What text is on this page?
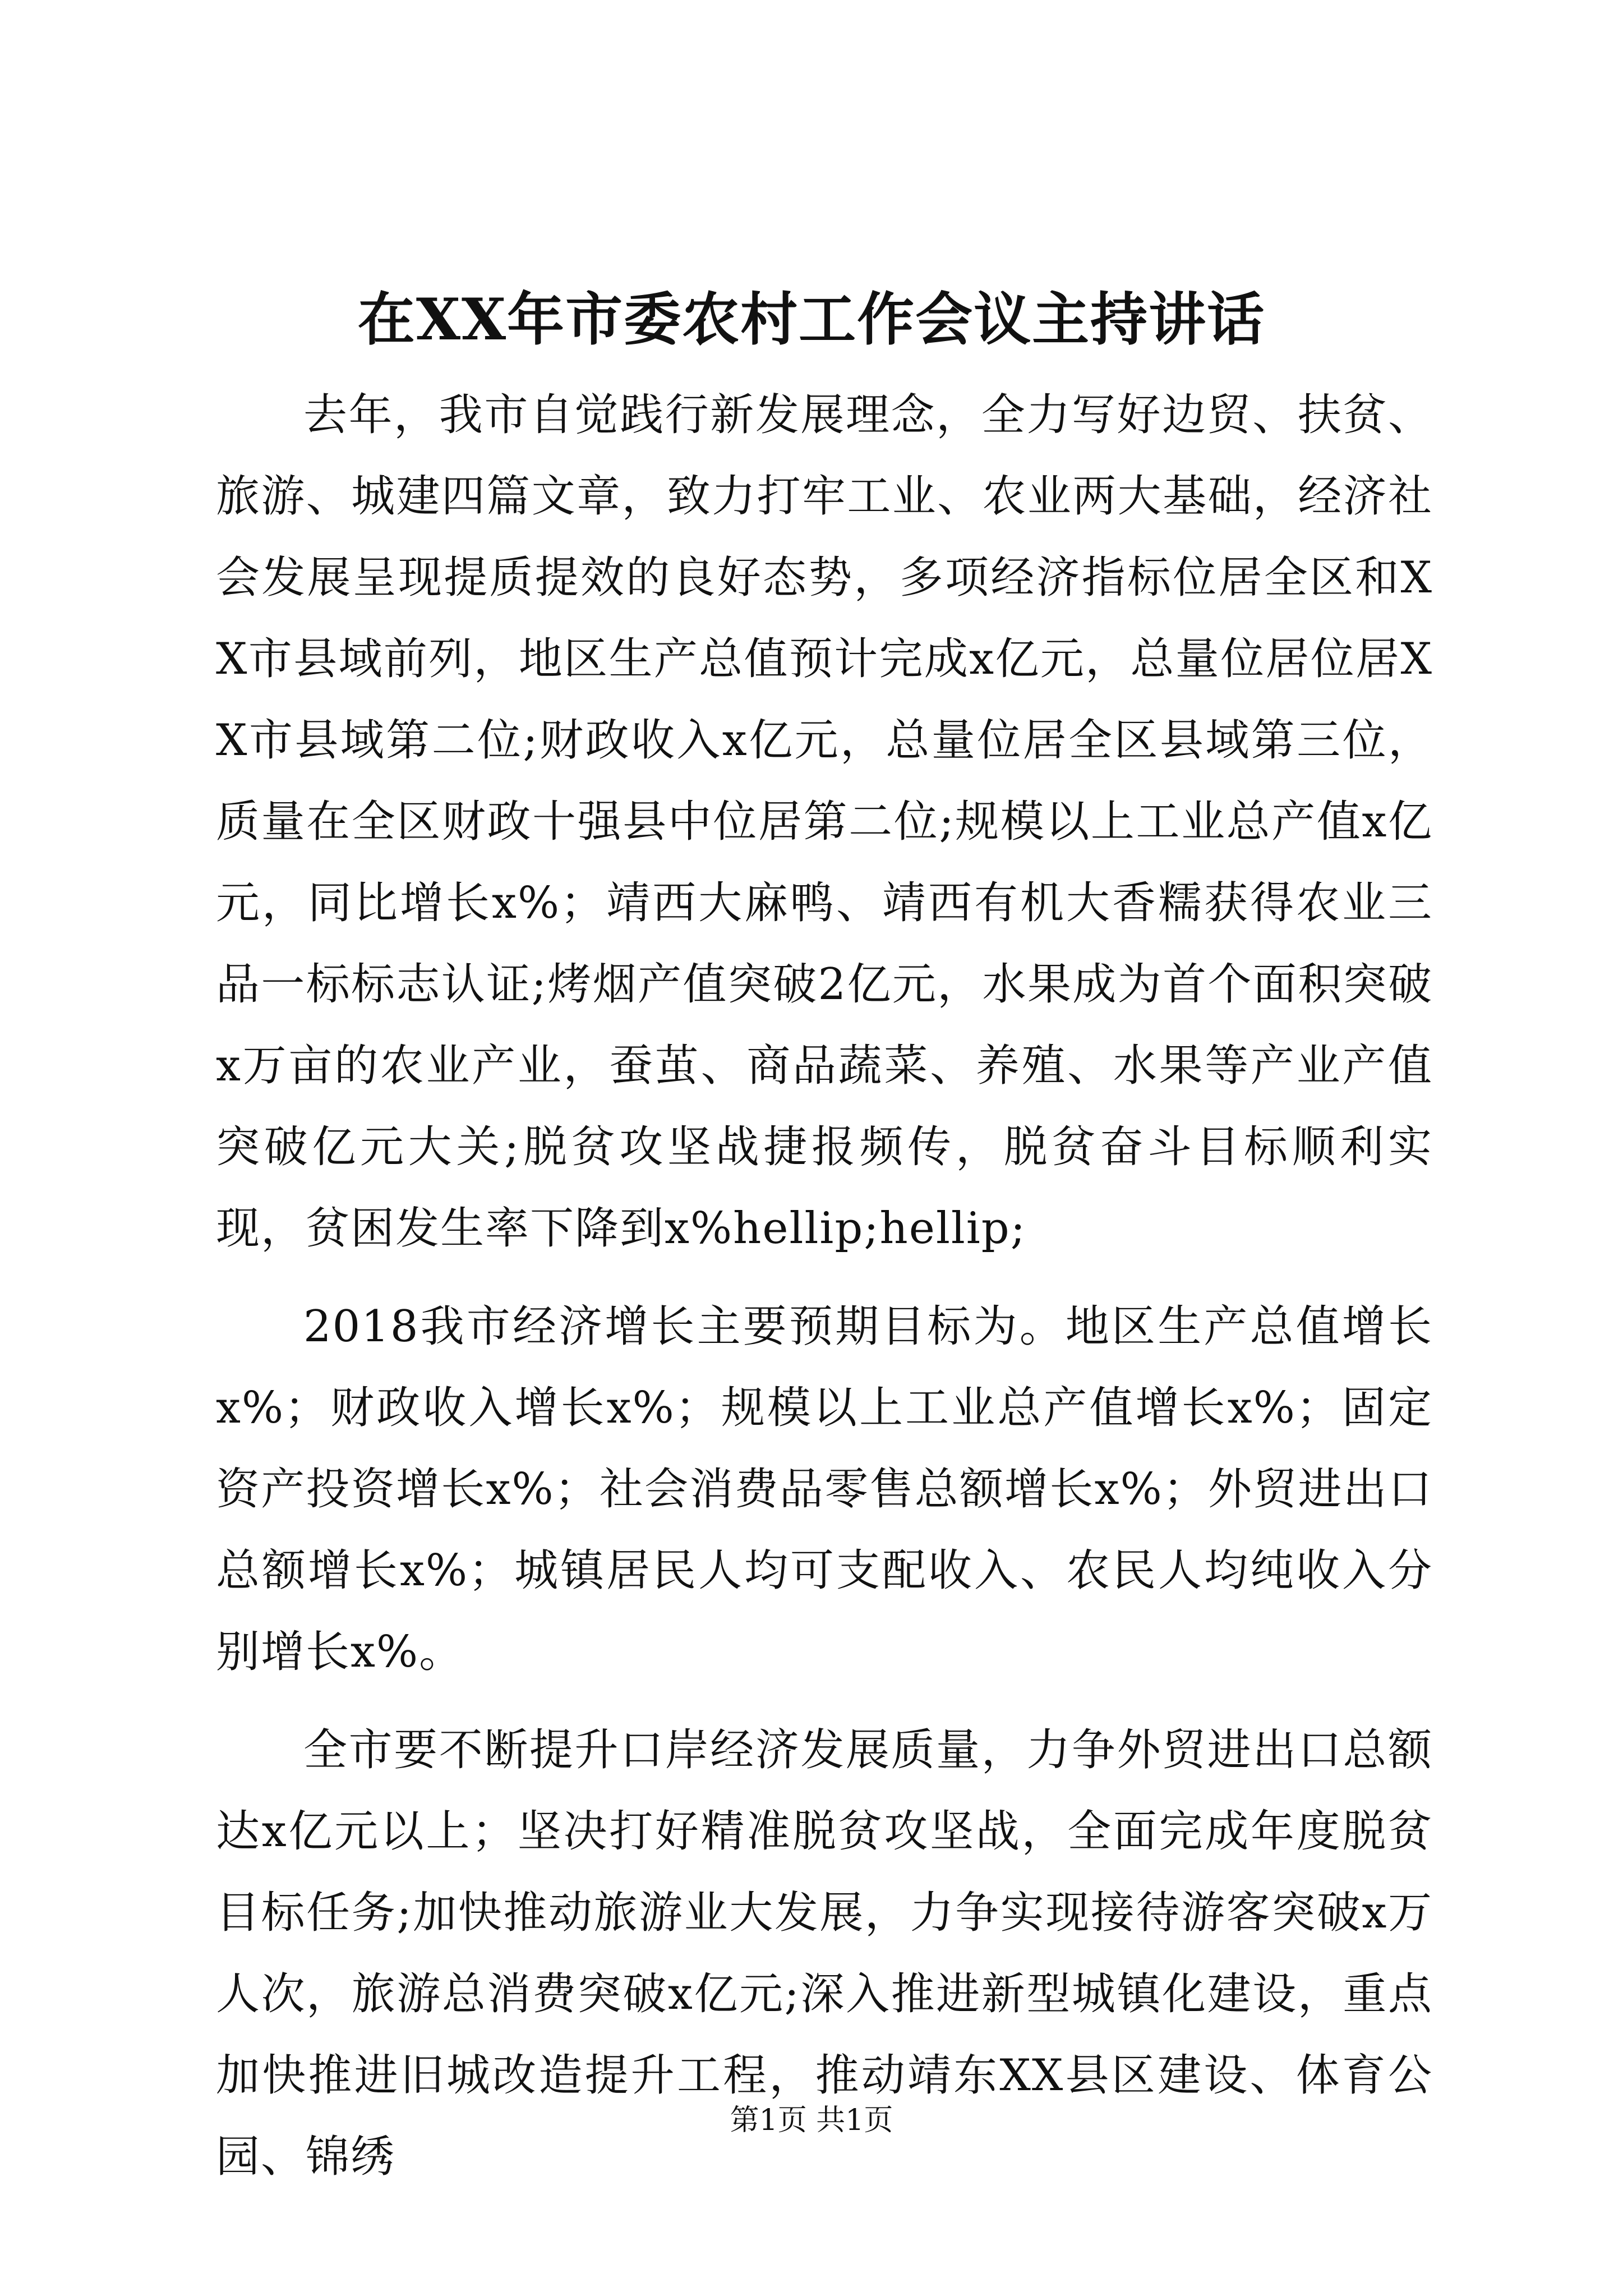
在XX年市委农村工作会议主持讲话

去年，我市自觉践行新发展理念，全力写好边贸、扶贫、旅游、城建四篇文章，致力打牢工业、农业两大基础，经济社会发展呈现提质提效的良好态势，多项经济指标位居全区和XX市县域前列，地区生产总值预计完成x亿元，总量位居位居XX市县域第二位;财政收入x亿元，总量位居全区县域第三位，质量在全区财政十强县中位居第二位;规模以上工业总产值x亿元，同比增长x%；靖西大麻鸭、靖西有机大香糯获得农业三品一标标志认证;烤烟产值突破2亿元，水果成为首个面积突破x万亩的农业产业，蚕茧、商品蔬菜、养殖、水果等产业产值突破亿元大关;脱贫攻坚战捷报频传，脱贫奋斗目标顺利实现，贫困发生率下降到x%hellip;hellip;

2018我市经济增长主要预期目标为。地区生产总值增长x%；财政收入增长x%；规模以上工业总产值增长x%；固定资产投资增长x%；社会消费品零售总额增长x%；外贸进出口总额增长x%；城镇居民人均可支配收入、农民人均纯收入分别增长x%。

全市要不断提升口岸经济发展质量，力争外贸进出口总额达x亿元以上；坚决打好精准脱贫攻坚战，全面完成年度脱贫目标任务;加快推动旅游业大发展，力争实现接待游客突破x万人次，旅游总消费突破x亿元;深入推进新型城镇化建设，重点加快推进旧城改造提升工程，推动靖东XX县区建设、体育公园、锦绣

第1页 共1页
